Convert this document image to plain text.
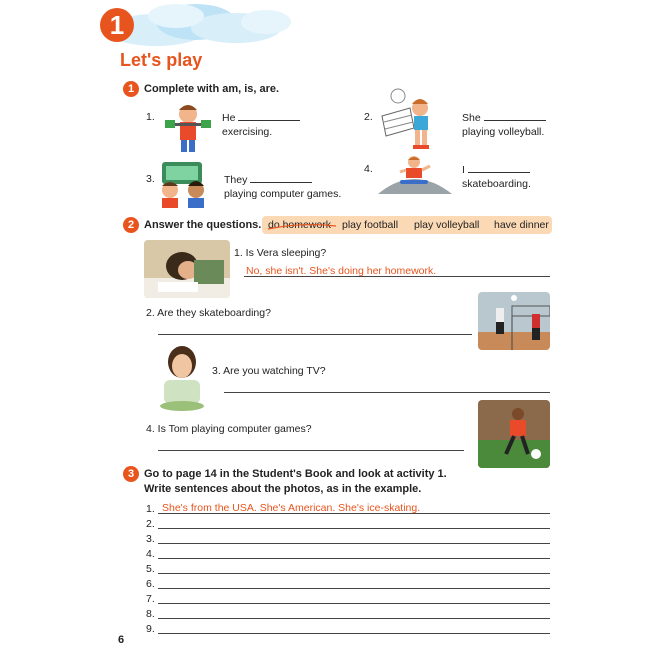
1
Let's play
1 Complete with am, is, are.
1.	He
exercising.
2.	She
playing volleyball.
3.	They
playing computer games.
4.	I
skateboarding.
2 Answer the questions. do homework play football play volleyball have dinner
1. Is Vera sleeping?
No, she isn't. She's doing her homework.
2. Are they skateboarding?
3. Are you watching TV?
4. Is Tom playing computer games?
3 Go to page 14 in the Student's Book and look at activity 1.
Write sentences about the photos, as in the example.
1. She's from the USA. She's American. She's ice-skating.
2.
3.
4.
5.
6.
7.
8.
9.
6
